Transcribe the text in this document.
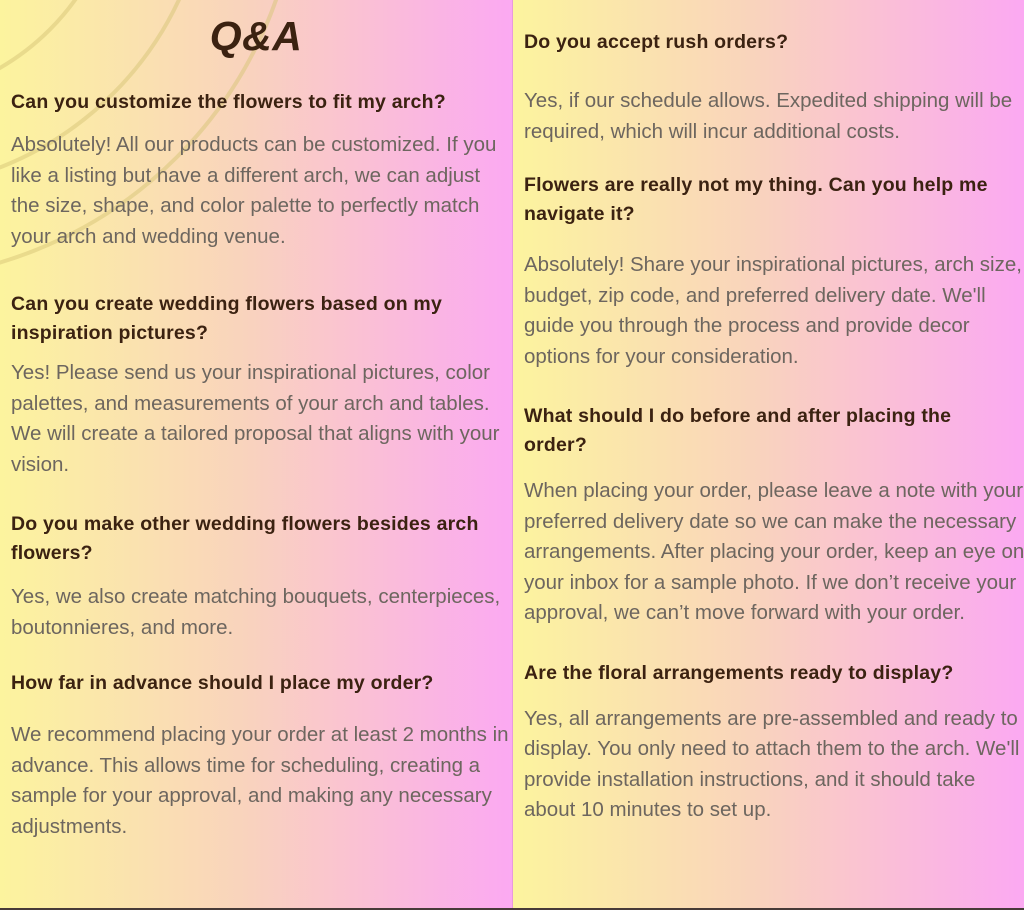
Q&A
Can you customize the flowers to fit my arch?

Absolutely! All our products can be customized. If you like a listing but have a different arch, we can adjust the size, shape, and color palette to perfectly match your arch and wedding venue.

Can you create wedding flowers based on my inspiration pictures?

Yes! Please send us your inspirational pictures, color palettes, and measurements of your arch and tables. We will create a tailored proposal that aligns with your vision.

Do you make other wedding flowers besides arch flowers?

Yes, we also create matching bouquets, centerpieces, boutonnieres, and more.

How far in advance should I place my order?

We recommend placing your order at least 2 months in advance. This allows time for scheduling, creating a sample for your approval, and making any necessary adjustments.

Do you accept rush orders?

Yes, if our schedule allows. Expedited shipping will be required, which will incur additional costs.

Flowers are really not my thing. Can you help me navigate it?

Absolutely! Share your inspirational pictures, arch size, budget, zip code, and preferred delivery date. We'll guide you through the process and provide decor options for your consideration.

What should I do before and after placing the order?

When placing your order, please leave a note with your preferred delivery date so we can make the necessary arrangements. After placing your order, keep an eye on your inbox for a sample photo. If we don’t receive your approval, we can’t move forward with your order.

Are the floral arrangements ready to display?

Yes, all arrangements are pre-assembled and ready to display. You only need to attach them to the arch. We'll provide installation instructions, and it should take about 10 minutes to set up.
